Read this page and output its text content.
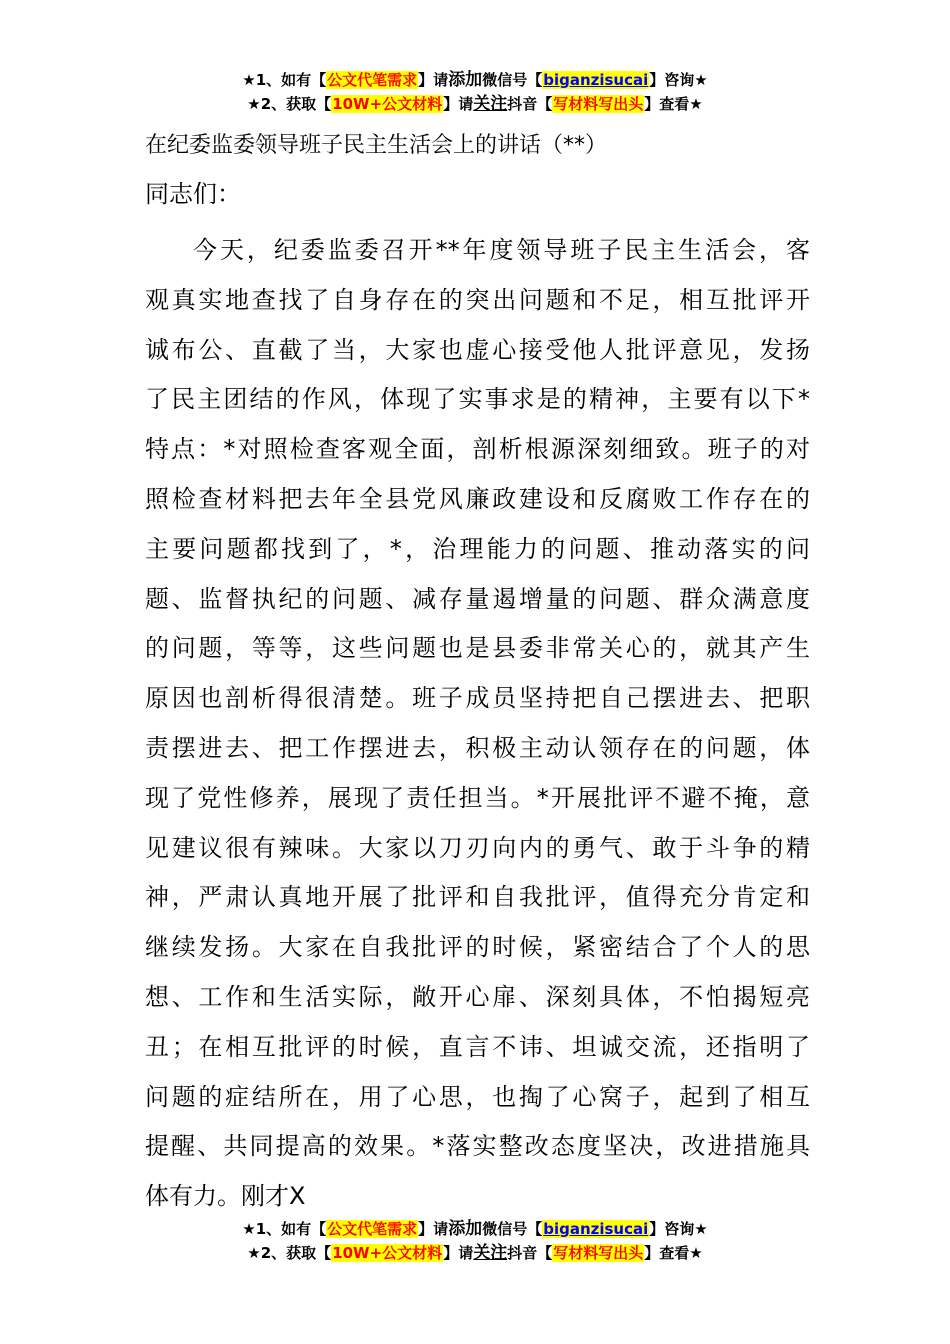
★1、如有【公文代笔需求】请添加微信号【biganzisucai】咨询★
★2、获取【10W+公文材料】请关注抖音【写材料写出头】查看★
在纪委监委领导班子民主生活会上的讲话（**）
同志们：
今天，纪委监委召开**年度领导班子民主生活会，客
观真实地查找了自身存在的突出问题和不足，相互批评开
诚布公、直截了当，大家也虚心接受他人批评意见，发扬
了民主团结的作风，体现了实事求是的精神，主要有以下*
特点：*对照检查客观全面，剖析根源深刻细致。班子的对
照检查材料把去年全县党风廉政建设和反腐败工作存在的
主要问题都找到了，*，治理能力的问题、推动落实的问
题、监督执纪的问题、减存量遏增量的问题、群众满意度
的问题，等等，这些问题也是县委非常关心的，就其产生
原因也剖析得很清楚。班子成员坚持把自己摆进去、把职
责摆进去、把工作摆进去，积极主动认领存在的问题，体
现了党性修养，展现了责任担当。*开展批评不避不掩，意
见建议很有辣味。大家以刀刃向内的勇气、敢于斗争的精
神，严肃认真地开展了批评和自我批评，值得充分肯定和
继续发扬。大家在自我批评的时候，紧密结合了个人的思
想、工作和生活实际，敞开心扉、深刻具体，不怕揭短亮
丑；在相互批评的时候，直言不讳、坦诚交流，还指明了
问题的症结所在，用了心思，也掏了心窝子，起到了相互
提醒、共同提高的效果。*落实整改态度坚决，改进措施具
体有力。刚才X
★1、如有【公文代笔需求】请添加微信号【biganzisucai】咨询★
★2、获取【10W+公文材料】请关注抖音【写材料写出头】查看★
